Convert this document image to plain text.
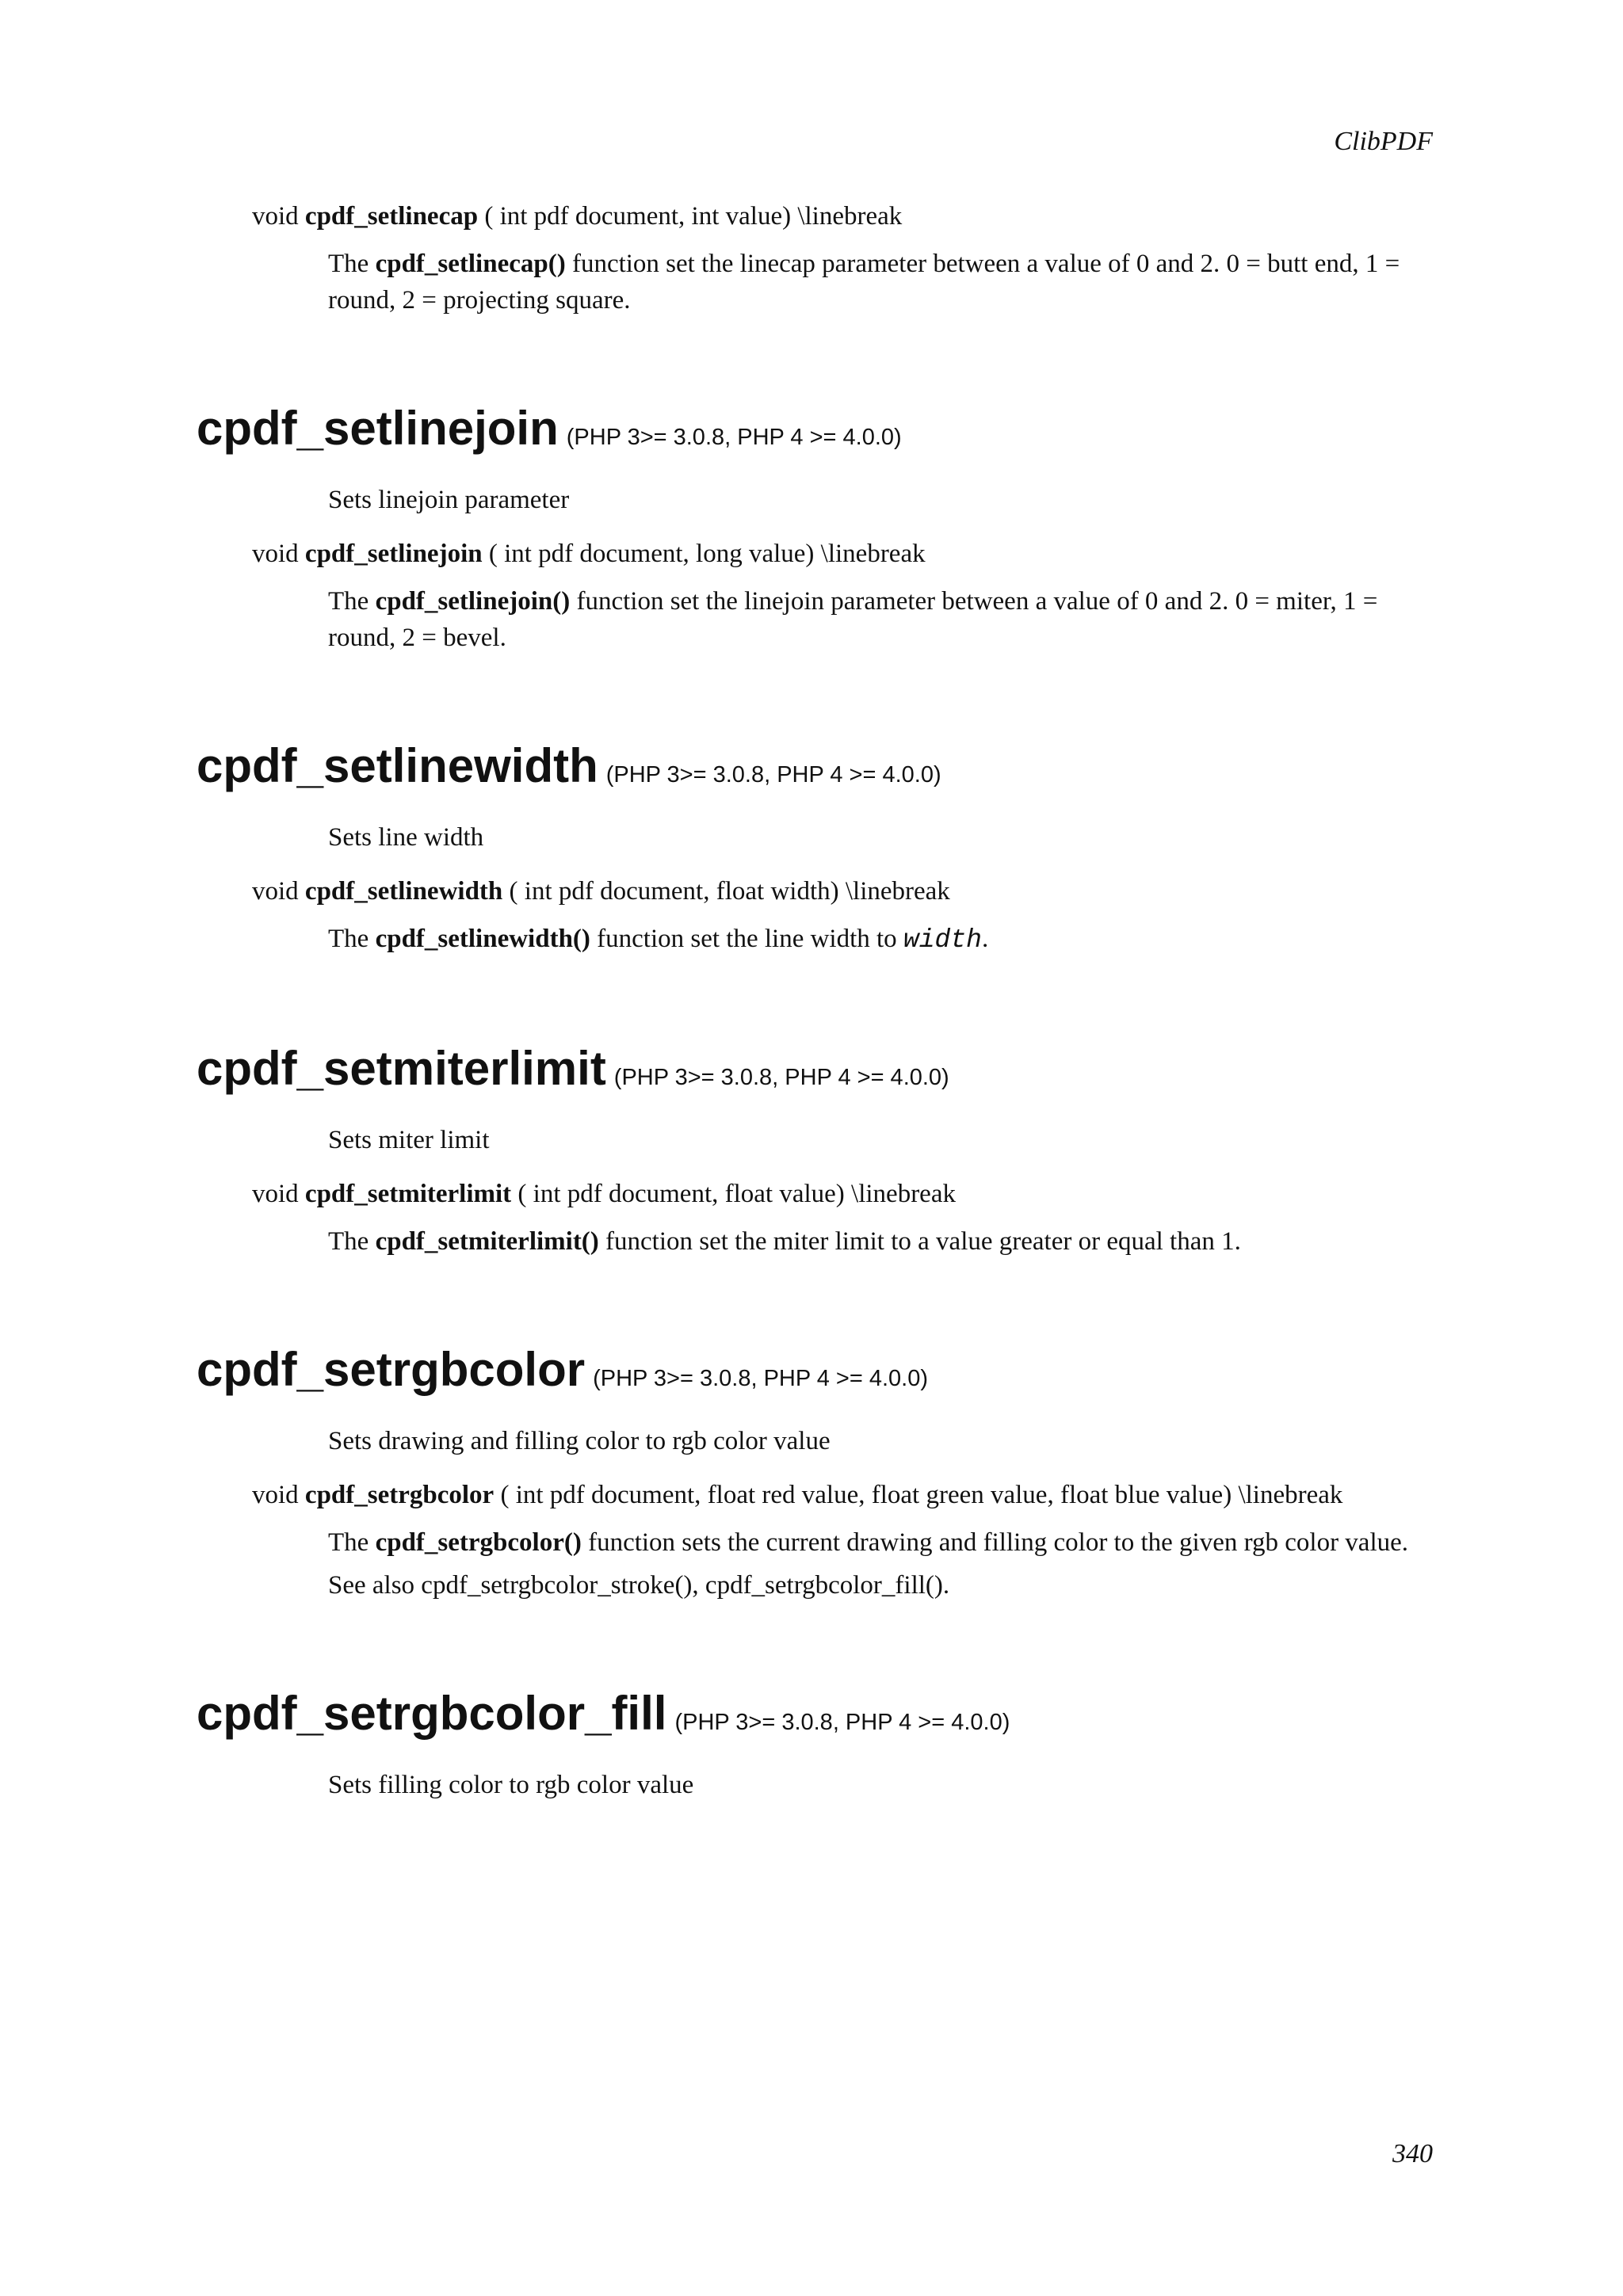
ClibPDF
void cpdf_setlinecap ( int pdf document, int value) \linebreak
The cpdf_setlinecap() function set the linecap parameter between a value of 0 and 2. 0 = butt end, 1 = round, 2 = projecting square.
cpdf_setlinejoin (PHP 3>= 3.0.8, PHP 4 >= 4.0.0)
Sets linejoin parameter
void cpdf_setlinejoin ( int pdf document, long value) \linebreak
The cpdf_setlinejoin() function set the linejoin parameter between a value of 0 and 2. 0 = miter, 1 = round, 2 = bevel.
cpdf_setlinewidth (PHP 3>= 3.0.8, PHP 4 >= 4.0.0)
Sets line width
void cpdf_setlinewidth ( int pdf document, float width) \linebreak
The cpdf_setlinewidth() function set the line width to width.
cpdf_setmiterlimit (PHP 3>= 3.0.8, PHP 4 >= 4.0.0)
Sets miter limit
void cpdf_setmiterlimit ( int pdf document, float value) \linebreak
The cpdf_setmiterlimit() function set the miter limit to a value greater or equal than 1.
cpdf_setrgbcolor (PHP 3>= 3.0.8, PHP 4 >= 4.0.0)
Sets drawing and filling color to rgb color value
void cpdf_setrgbcolor ( int pdf document, float red value, float green value, float blue value) \linebreak
The cpdf_setrgbcolor() function sets the current drawing and filling color to the given rgb color value.
See also cpdf_setrgbcolor_stroke(), cpdf_setrgbcolor_fill().
cpdf_setrgbcolor_fill (PHP 3>= 3.0.8, PHP 4 >= 4.0.0)
Sets filling color to rgb color value
340
